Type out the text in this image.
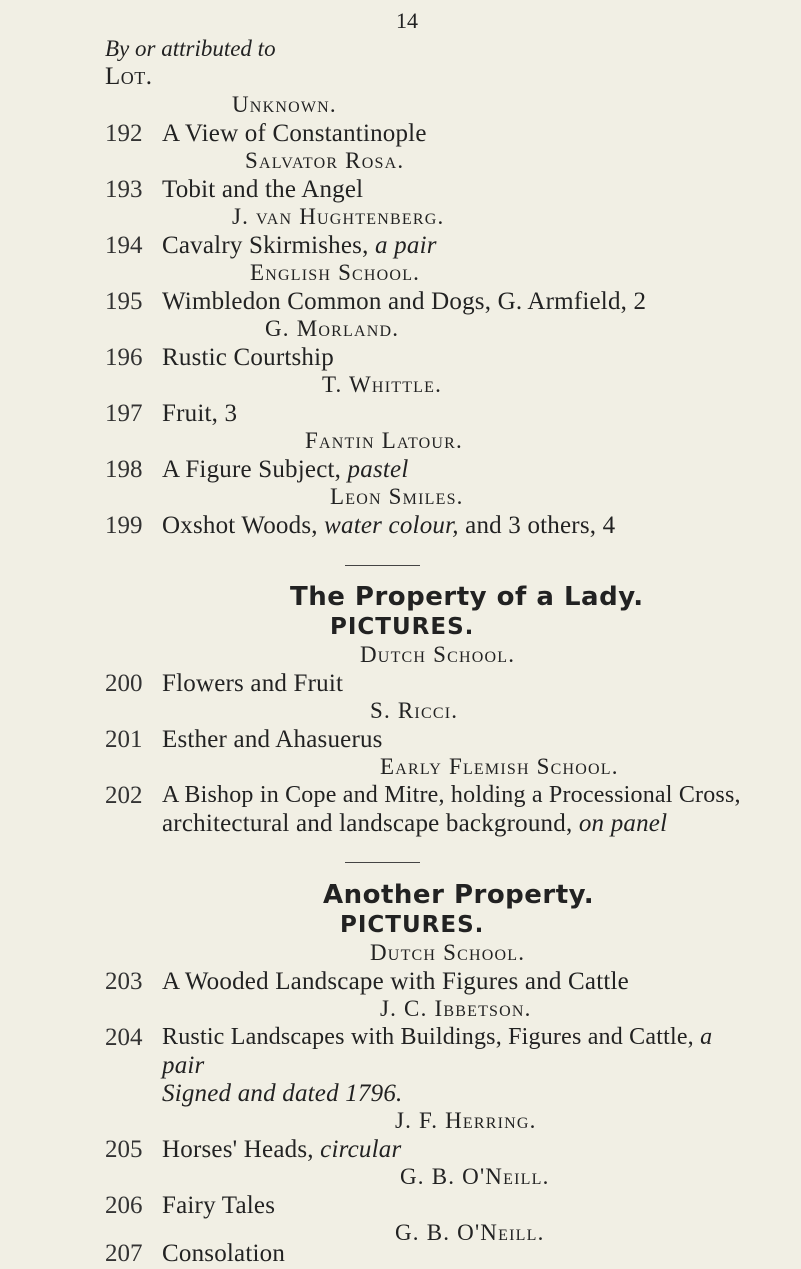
14
By or attributed to
Lot.
Unknown.
192 A View of Constantinople
Salvator Rosa.
193 Tobit and the Angel
J. van Hughtenberg.
194 Cavalry Skirmishes, a pair
English School.
195 Wimbledon Common and Dogs, G. Armfield, 2
G. Morland.
196 Rustic Courtship
T. Whittle.
197 Fruit, 3
Fantin Latour.
198 A Figure Subject, pastel
Leon Smiles.
199 Oxshot Woods, water colour, and 3 others, 4
The Property of a Lady.
PICTURES.
Dutch School.
200 Flowers and Fruit
S. Ricci.
201 Esther and Ahasuerus
Early Flemish School.
202 A Bishop in Cope and Mitre, holding a Processional Cross,
architectural and landscape background, on panel
Another Property.
PICTURES.
Dutch School.
203 A Wooded Landscape with Figures and Cattle
J. C. Ibbetson.
204 Rustic Landscapes with Buildings, Figures and Cattle, a
pair
Signed and dated 1796.
J. F. Herring.
205 Horses' Heads, circular
G. B. O'Neill.
206 Fairy Tales
G. B. O'Neill.
207 Consolation
